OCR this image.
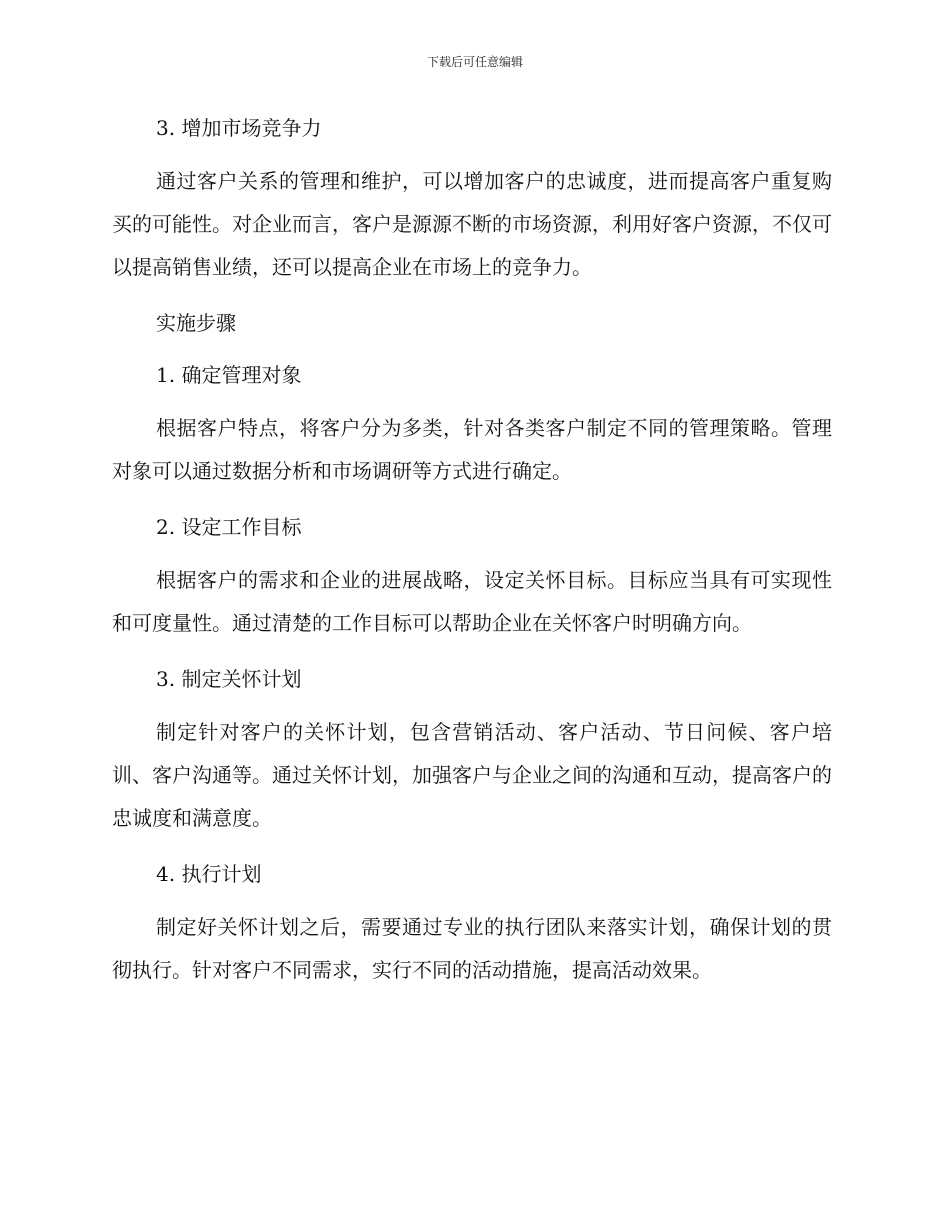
下载后可任意编辑
3. 增加市场竞争力

通过客户关系的管理和维护，可以增加客户的忠诚度，进而提高客户重复购买的可能性。对企业而言，客户是源源不断的市场资源，利用好客户资源，不仅可以提高销售业绩，还可以提高企业在市场上的竞争力。

实施步骤
1. 确定管理对象

根据客户特点，将客户分为多类，针对各类客户制定不同的管理策略。管理对象可以通过数据分析和市场调研等方式进行确定。

2. 设定工作目标

根据客户的需求和企业的进展战略，设定关怀目标。目标应当具有可实现性和可度量性。通过清楚的工作目标可以帮助企业在关怀客户时明确方向。

3. 制定关怀计划

制定针对客户的关怀计划，包含营销活动、客户活动、节日问候、客户培训、客户沟通等。通过关怀计划，加强客户与企业之间的沟通和互动，提高客户的忠诚度和满意度。

4. 执行计划

制定好关怀计划之后，需要通过专业的执行团队来落实计划，确保计划的贯彻执行。针对客户不同需求，实行不同的活动措施，提高活动效果。
